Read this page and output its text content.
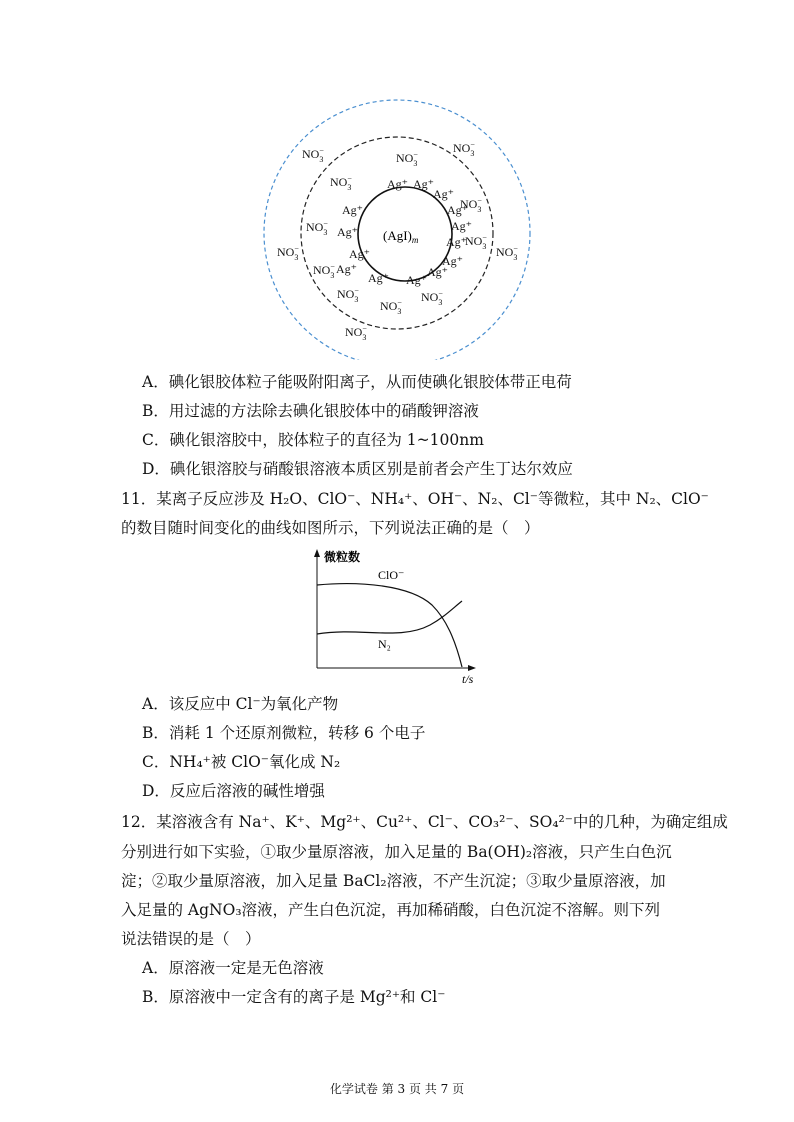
Ag⁺ Ag⁺
Ag⁺
Ag⁺	Ag⁺
Ag⁺	Ag⁺
Ag⁺
Ag⁺
Ag⁺ Ag⁺
Ag⁺
Ag⁺
Ag⁺
$NO_3-$
$NO_3-$	$NO_3-$
$NO_3-$
$NO_3-$
$NO_3-$
$NO_3-$
$NO_3-$
$NO_3-$
$NO_3-$
$NO_3-$
$NO_3- NO_3-$
$NO_3-$
$(AgI)_m$
A．碘化银胶体粒子能吸附阳离子，从而使碘化银胶体带正电荷
B．用过滤的方法除去碘化银胶体中的硝酸钾溶液
C．碘化银溶胶中，胶体粒子的直径为 1~100nm
D．碘化银溶胶与硝酸银溶液本质区别是前者会产生丁达尔效应
11．某离子反应涉及 H₂O、ClO⁻、NH₄⁺、OH⁻、N₂、Cl⁻等微粒，其中 N₂、ClO⁻
的数目随时间变化的曲线如图所示，下列说法正确的是（　）
微粒数
t/s
ClO⁻
N₂
A．该反应中 Cl⁻为氧化产物
B．消耗 1 个还原剂微粒，转移 6 个电子
C．NH₄⁺被 ClO⁻氧化成 N₂
D．反应后溶液的碱性增强
12．某溶液含有 Na⁺、K⁺、Mg²⁺、Cu²⁺、Cl⁻、CO₃²⁻、SO₄²⁻中的几种，为确定组成
分别进行如下实验，①取少量原溶液，加入足量的 Ba(OH)₂溶液，只产生白色沉
淀；②取少量原溶液，加入足量 BaCl₂溶液，不产生沉淀；③取少量原溶液，加
入足量的 AgNO₃溶液，产生白色沉淀，再加稀硝酸，白色沉淀不溶解。则下列
说法错误的是（　）
A．原溶液一定是无色溶液
B．原溶液中一定含有的离子是 Mg²⁺和 Cl⁻
化学试卷 第 3 页 共 7 页
